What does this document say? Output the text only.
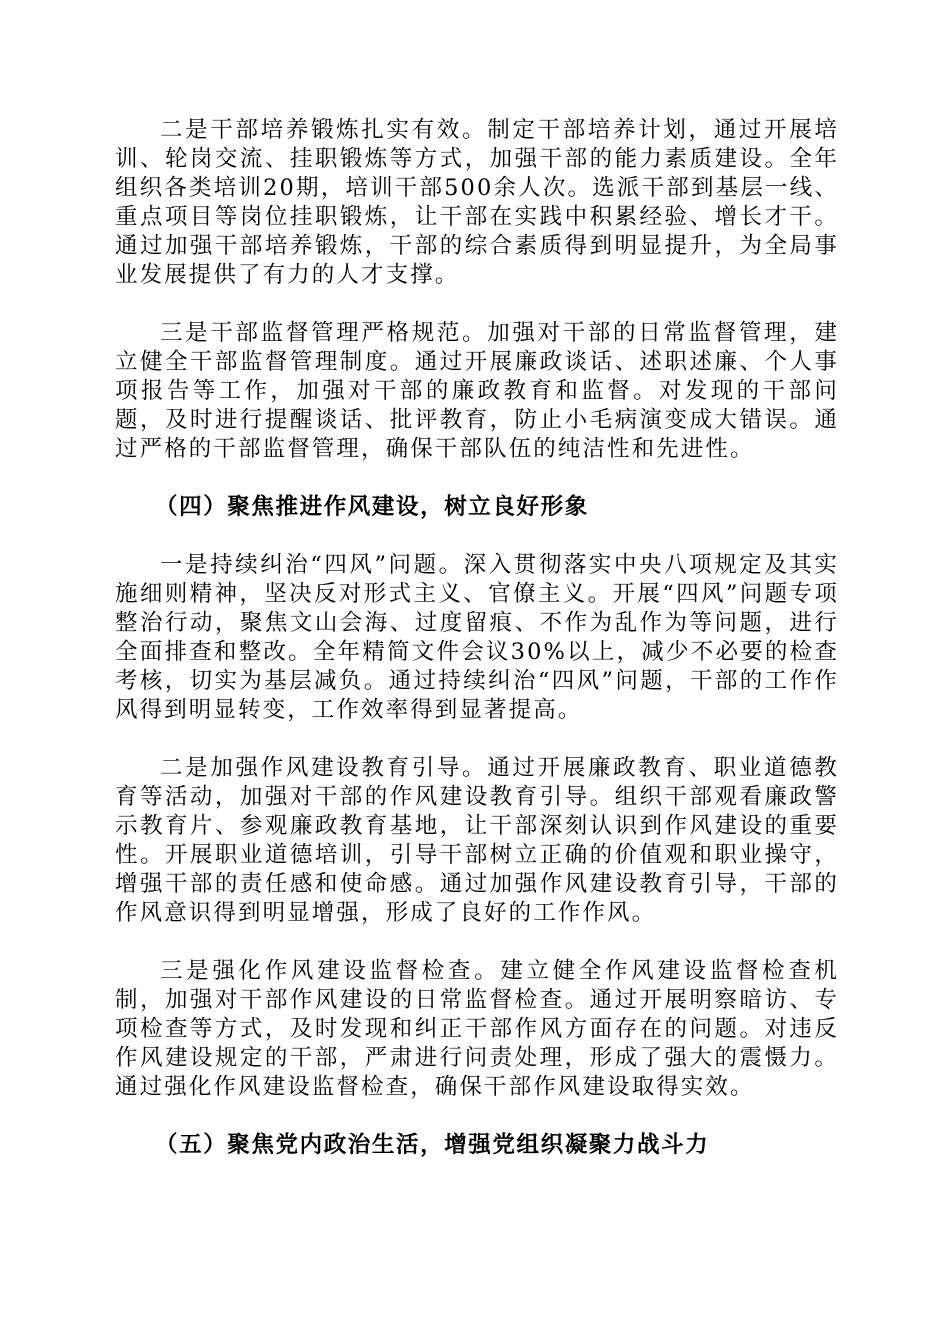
二是干部培养锻炼扎实有效。制定干部培养计划，通过开展培训、轮岗交流、挂职锻炼等方式，加强干部的能力素质建设。全年组织各类培训20期，培训干部500余人次。选派干部到基层一线、重点项目等岗位挂职锻炼，让干部在实践中积累经验、增长才干。通过加强干部培养锻炼，干部的综合素质得到明显提升，为全局事业发展提供了有力的人才支撑。

三是干部监督管理严格规范。加强对干部的日常监督管理，建立健全干部监督管理制度。通过开展廉政谈话、述职述廉、个人事项报告等工作，加强对干部的廉政教育和监督。对发现的干部问题，及时进行提醒谈话、批评教育，防止小毛病演变成大错误。通过严格的干部监督管理，确保干部队伍的纯洁性和先进性。

（四）聚焦推进作风建设，树立良好形象

一是持续纠治“四风”问题。深入贯彻落实中央八项规定及其实施细则精神，坚决反对形式主义、官僚主义。开展“四风”问题专项整治行动，聚焦文山会海、过度留痕、不作为乱作为等问题，进行全面排查和整改。全年精简文件会议30%以上，减少不必要的检查考核，切实为基层减负。通过持续纠治“四风”问题，干部的工作作风得到明显转变，工作效率得到显著提高。

二是加强作风建设教育引导。通过开展廉政教育、职业道德教育等活动，加强对干部的作风建设教育引导。组织干部观看廉政警示教育片、参观廉政教育基地，让干部深刻认识到作风建设的重要性。开展职业道德培训，引导干部树立正确的价值观和职业操守，增强干部的责任感和使命感。通过加强作风建设教育引导，干部的作风意识得到明显增强，形成了良好的工作作风。

三是强化作风建设监督检查。建立健全作风建设监督检查机制，加强对干部作风建设的日常监督检查。通过开展明察暗访、专项检查等方式，及时发现和纠正干部作风方面存在的问题。对违反作风建设规定的干部，严肃进行问责处理，形成了强大的震慑力。通过强化作风建设监督检查，确保干部作风建设取得实效。

（五）聚焦党内政治生活，增强党组织凝聚力战斗力
